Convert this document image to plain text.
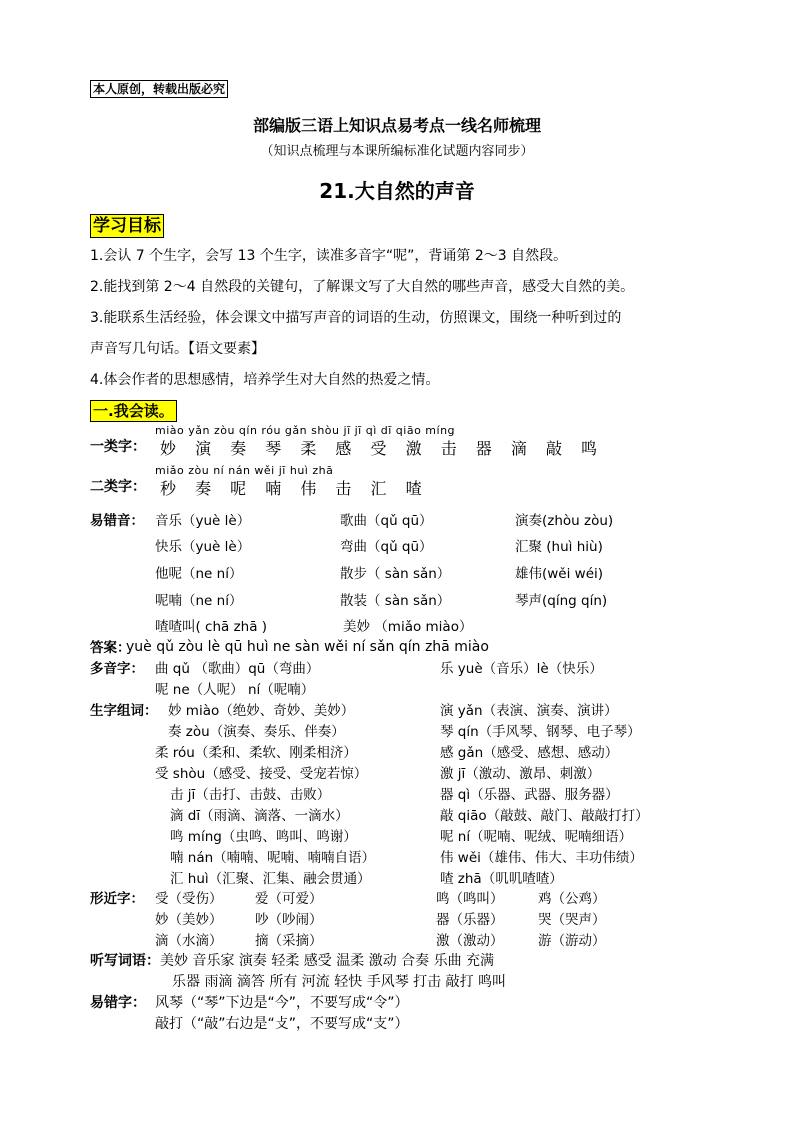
本人原创，转载出版必究
部编版三语上知识点易考点一线名师梳理
（知识点梳理与本课所编标准化试题内容同步）
21.大自然的声音
学习目标
1.会认 7 个生字，会写 13 个生字，读准多音字“呢”，背诵第 2～3 自然段。
2.能找到第 2～4 自然段的关键句，了解课文写了大自然的哪些声音，感受大自然的美。
3.能联系生活经验，体会课文中描写声音的词语的生动，仿照课文，围绕一种听到过的
声音写几句话。【语文要素】
4.体会作者的思想感情，培养学生对大自然的热爱之情。
一.我会读。
miào yǎn zòu qín róu gǎn shòu jī jī qì dī qiāo míng
一类字： 妙 演 奏 琴 柔 感 受 激 击 器 滴 敲 鸣
miǎo zòu ní nán wěi jī huì zhā
二类字： 秒 奏 呢 喃 伟 击 汇 喳
易错音： 音乐（yuè lè）	歌曲（qǔ qū）	演奏(zhòu zòu)
快乐（yuè lè）	弯曲（qǔ qū）	汇聚 (huì hiù)
他呢（ne ní）	散步（ sàn sǎn）	雄伟(wěi wéi)
呢喃（ne ní）	散装（ sàn sǎn）	琴声(qíng qín)
喳喳叫( chā zhā )	美妙 （miǎo miào）
答案：
yuè qǔ zòu lè qū huì ne sàn wěi ní sǎn qín zhā miào
多音字： 曲 qǔ （歌曲）qū（弯曲）	乐 yuè（音乐）lè（快乐）
呢 ne（人呢） ní（呢喃）
生字组词： 妙 miào（绝妙、奇妙、美妙）	演 yǎn（表演、演奏、演讲）
奏 zòu（演奏、奏乐、伴奏）	琴 qín（手风琴、钢琴、电子琴）
柔 róu（柔和、柔软、刚柔相济）	感 gǎn（感受、感想、感动）
受 shòu（感受、接受、受宠若惊）	激 jī（激动、激昂、刺激）
击 jī（击打、击鼓、击败）	器 qì（乐器、武器、服务器）
滴 dī（雨滴、滴落、一滴水）	敲 qiāo（敲鼓、敲门、敲敲打打）
鸣 míng（虫鸣、鸣叫、鸣谢）	呢 ní（呢喃、呢绒、呢喃细语）
喃 nán（喃喃、呢喃、喃喃自语）	伟 wěi（雄伟、伟大、丰功伟绩）
汇 huì（汇聚、汇集、融会贯通）	喳 zhā（叽叽喳喳）
形近字： 受（受伤） 爱（可爱）	鸣（鸣叫）	鸡（公鸡）
妙（美妙） 吵（吵闹）	器（乐器）	哭（哭声）
滴（水滴） 摘（采摘）	激（激动）	游（游动）
听写词语： 美妙 音乐家 演奏 轻柔 感受 温柔 激动 合奏 乐曲 充满
乐器 雨滴 滴答 所有 河流 轻快 手风琴 打击 敲打 鸣叫
易错字： 风琴（“琴”下边是“今”，不要写成“令”）
敲打（“敲”右边是“攴”，不要写成“支”）
